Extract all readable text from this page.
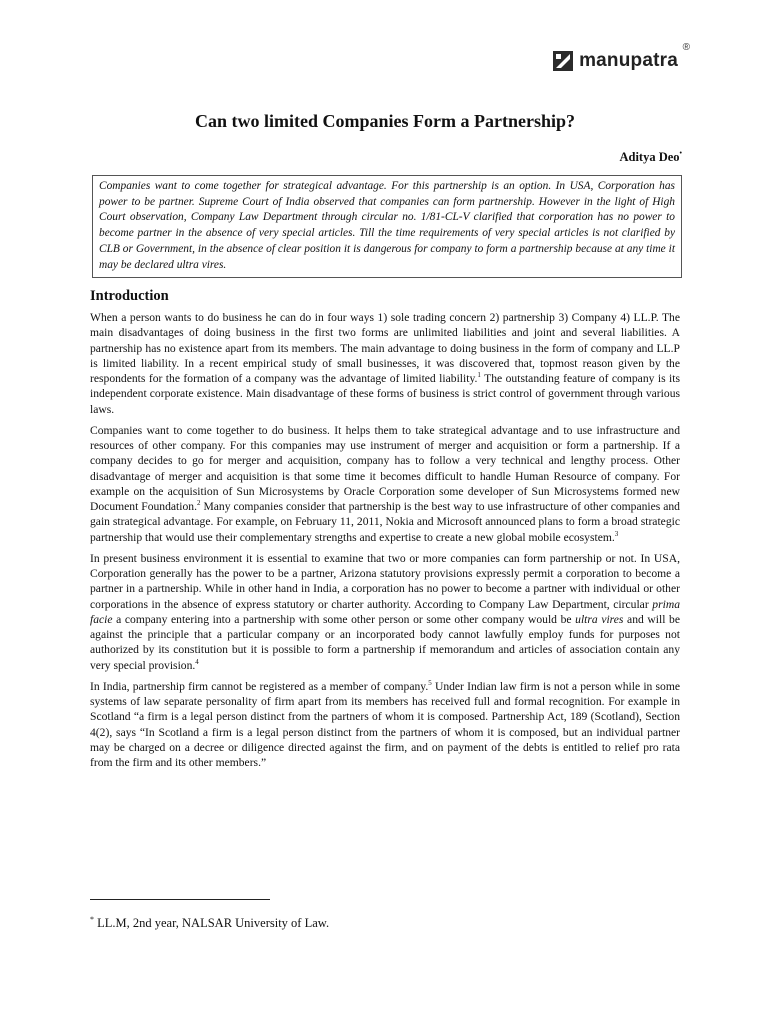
manupatra
®
Can two limited Companies Form a Partnership?
Aditya Deo•
Companies want to come together for strategical advantage. For this partnership is an option. In USA, Corporation has power to be partner. Supreme Court of India observed that companies can form partnership. However in the light of High Court observation, Company Law Department through circular no. 1/81-CL-V clarified that corporation has no power to become partner in the absence of very special articles. Till the time requirements of very special articles is not clarified by CLB or Government, in the absence of clear position it is dangerous for company to form a partnership because at any time it may be declared ultra vires.
Introduction

When a person wants to do business he can do in four ways 1) sole trading concern 2) partnership 3) Company 4) LL.P. The main disadvantages of doing business in the first two forms are unlimited liabilities and joint and several liabilities. A partnership has no existence apart from its members. The main advantage to doing business in the form of company and LL.P is limited liability. In a recent empirical study of small businesses, it was discovered that, topmost reason given by the respondents for the formation of a company was the advantage of limited liability.$^1$ The outstanding feature of company is its independent corporate existence. Main disadvantage of these forms of business is strict control of government through various laws.

Companies want to come together to do business. It helps them to take strategical advantage and to use infrastructure and resources of other company. For this companies may use instrument of merger and acquisition or form a partnership. If a company decides to go for merger and acquisition, company has to follow a very technical and lengthy process. Other disadvantage of merger and acquisition is that some time it becomes difficult to handle Human Resource of company. For example on the acquisition of Sun Microsystems by Oracle Corporation some developer of Sun Microsystems formed new Document Foundation.$^2$ Many companies consider that partnership is the best way to use infrastructure of other companies and gain strategical advantage. For example, on February 11, 2011, Nokia and Microsoft announced plans to form a broad strategic partnership that would use their complementary strengths and expertise to create a new global mobile ecosystem.$^3$

In present business environment it is essential to examine that two or more companies can form partnership or not. In USA, Corporation generally has the power to be a partner, Arizona statutory provisions expressly permit a corporation to become a partner in a partnership. While in other hand in India, a corporation has no power to become a partner with individual or other corporations in the absence of express statutory or charter authority. According to Company Law Department, circular prima facie a company entering into a partnership with some other person or some other company would be ultra vires and will be against the principle that a particular company or an incorporated body cannot lawfully employ funds for purposes not authorized by its constitution but it is possible to form a partnership if memorandum and articles of association contain any very special provision.$^4$

In India, partnership firm cannot be registered as a member of company.$^5$ Under Indian law firm is not a person while in some systems of law separate personality of firm apart from its members has received full and formal recognition. For example in Scotland “a firm is a legal person distinct from the partners of whom it is composed. Partnership Act, 189 (Scotland), Section 4(2), says “In Scotland a firm is a legal person distinct from the partners of whom it is composed, but an individual partner may be charged on a decree or diligence directed against the firm, and on payment of the debts is entitled to relief pro rata from the firm and its other members.”

* LL.M, 2nd year, NALSAR University of Law.
